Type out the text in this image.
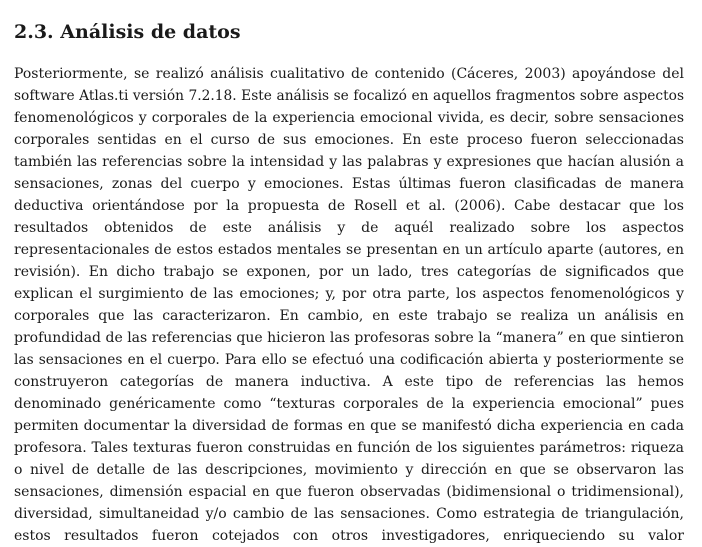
2.3. Análisis de datos
Posteriormente, se realizó análisis cualitativo de contenido (Cáceres, 2003) apoyándose del
software Atlas.ti versión 7.2.18. Este análisis se focalizó en aquellos fragmentos sobre aspectos
fenomenológicos y corporales de la experiencia emocional vivida, es decir, sobre sensaciones
corporales sentidas en el curso de sus emociones. En este proceso fueron seleccionadas
también las referencias sobre la intensidad y las palabras y expresiones que hacían alusión a
sensaciones, zonas del cuerpo y emociones. Estas últimas fueron clasificadas de manera
deductiva orientándose por la propuesta de Rosell et al. (2006). Cabe destacar que los
resultados obtenidos de este análisis y de aquél realizado sobre los aspectos
representacionales de estos estados mentales se presentan en un artículo aparte (autores, en
revisión). En dicho trabajo se exponen, por un lado, tres categorías de significados que
explican el surgimiento de las emociones; y, por otra parte, los aspectos fenomenológicos y
corporales que las caracterizaron. En cambio, en este trabajo se realiza un análisis en
profundidad de las referencias que hicieron las profesoras sobre la “manera” en que sintieron
las sensaciones en el cuerpo. Para ello se efectuó una codificación abierta y posteriormente se
construyeron categorías de manera inductiva. A este tipo de referencias las hemos
denominado genéricamente como “texturas corporales de la experiencia emocional” pues
permiten documentar la diversidad de formas en que se manifestó dicha experiencia en cada
profesora. Tales texturas fueron construidas en función de los siguientes parámetros: riqueza
o nivel de detalle de las descripciones, movimiento y dirección en que se observaron las
sensaciones, dimensión espacial en que fueron observadas (bidimensional o tridimensional),
diversidad, simultaneidad y/o cambio de las sensaciones. Como estrategia de triangulación,
estos resultados fueron cotejados con otros investigadores, enriqueciendo su valor
